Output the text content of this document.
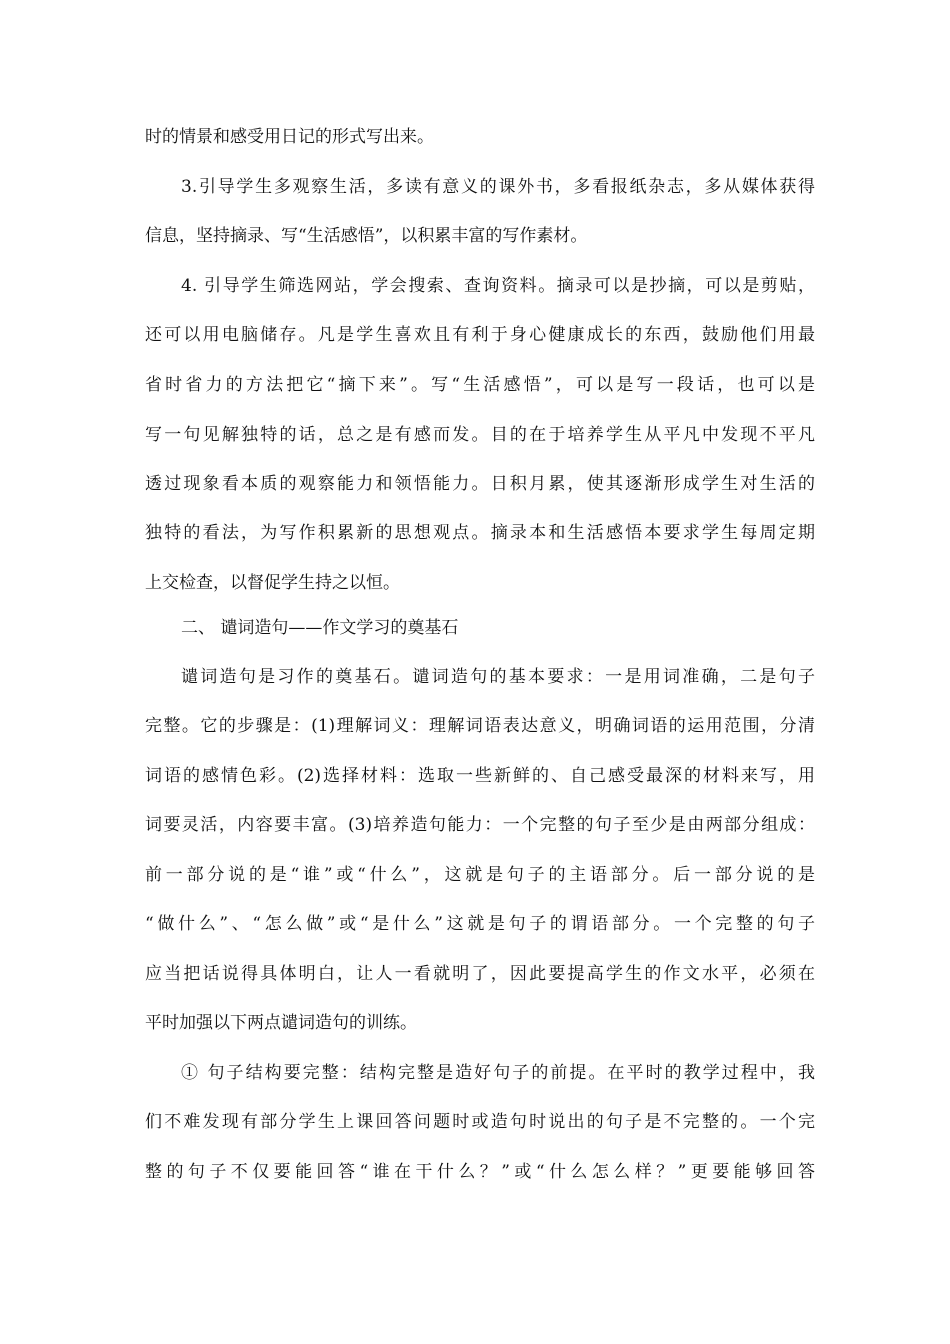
时的情景和感受用日记的形式写出来。
3.引导学生多观察生活，多读有意义的课外书，多看报纸杂志，多从媒体获得
信息，坚持摘录、写“生活感悟”，以积累丰富的写作素材。
4. 引导学生筛选网站，学会搜索、查询资料。摘录可以是抄摘，可以是剪贴，
还可以用电脑储存。凡是学生喜欢且有利于身心健康成长的东西，鼓励他们用最
省时省力的方法把它“摘下来”。写“生活感悟”，可以是写一段话，也可以是
写一句见解独特的话，总之是有感而发。目的在于培养学生从平凡中发现不平凡
透过现象看本质的观察能力和领悟能力。日积月累，使其逐渐形成学生对生活的
独特的看法，为写作积累新的思想观点。摘录本和生活感悟本要求学生每周定期
上交检查，以督促学生持之以恒。
二、 谴词造句——作文学习的奠基石
谴词造句是习作的奠基石。谴词造句的基本要求：一是用词准确，二是句子
完整。它的步骤是：(1)理解词义：理解词语表达意义，明确词语的运用范围，分清
词语的感情色彩。(2)选择材料：选取一些新鲜的、自己感受最深的材料来写，用
词要灵活，内容要丰富。(3)培养造句能力：一个完整的句子至少是由两部分组成：
前一部分说的是“谁”或“什么”，这就是句子的主语部分。后一部分说的是
“做什么”、“怎么做”或“是什么”这就是句子的谓语部分。一个完整的句子
应当把话说得具体明白，让人一看就明了，因此要提高学生的作文水平，必须在
平时加强以下两点谴词造句的训练。
① 句子结构要完整：结构完整是造好句子的前提。在平时的教学过程中，我
们不难发现有部分学生上课回答问题时或造句时说出的句子是不完整的。一个完
整的句子不仅要能回答“谁在干什么？”或“什么怎么样？”更要能够回答
